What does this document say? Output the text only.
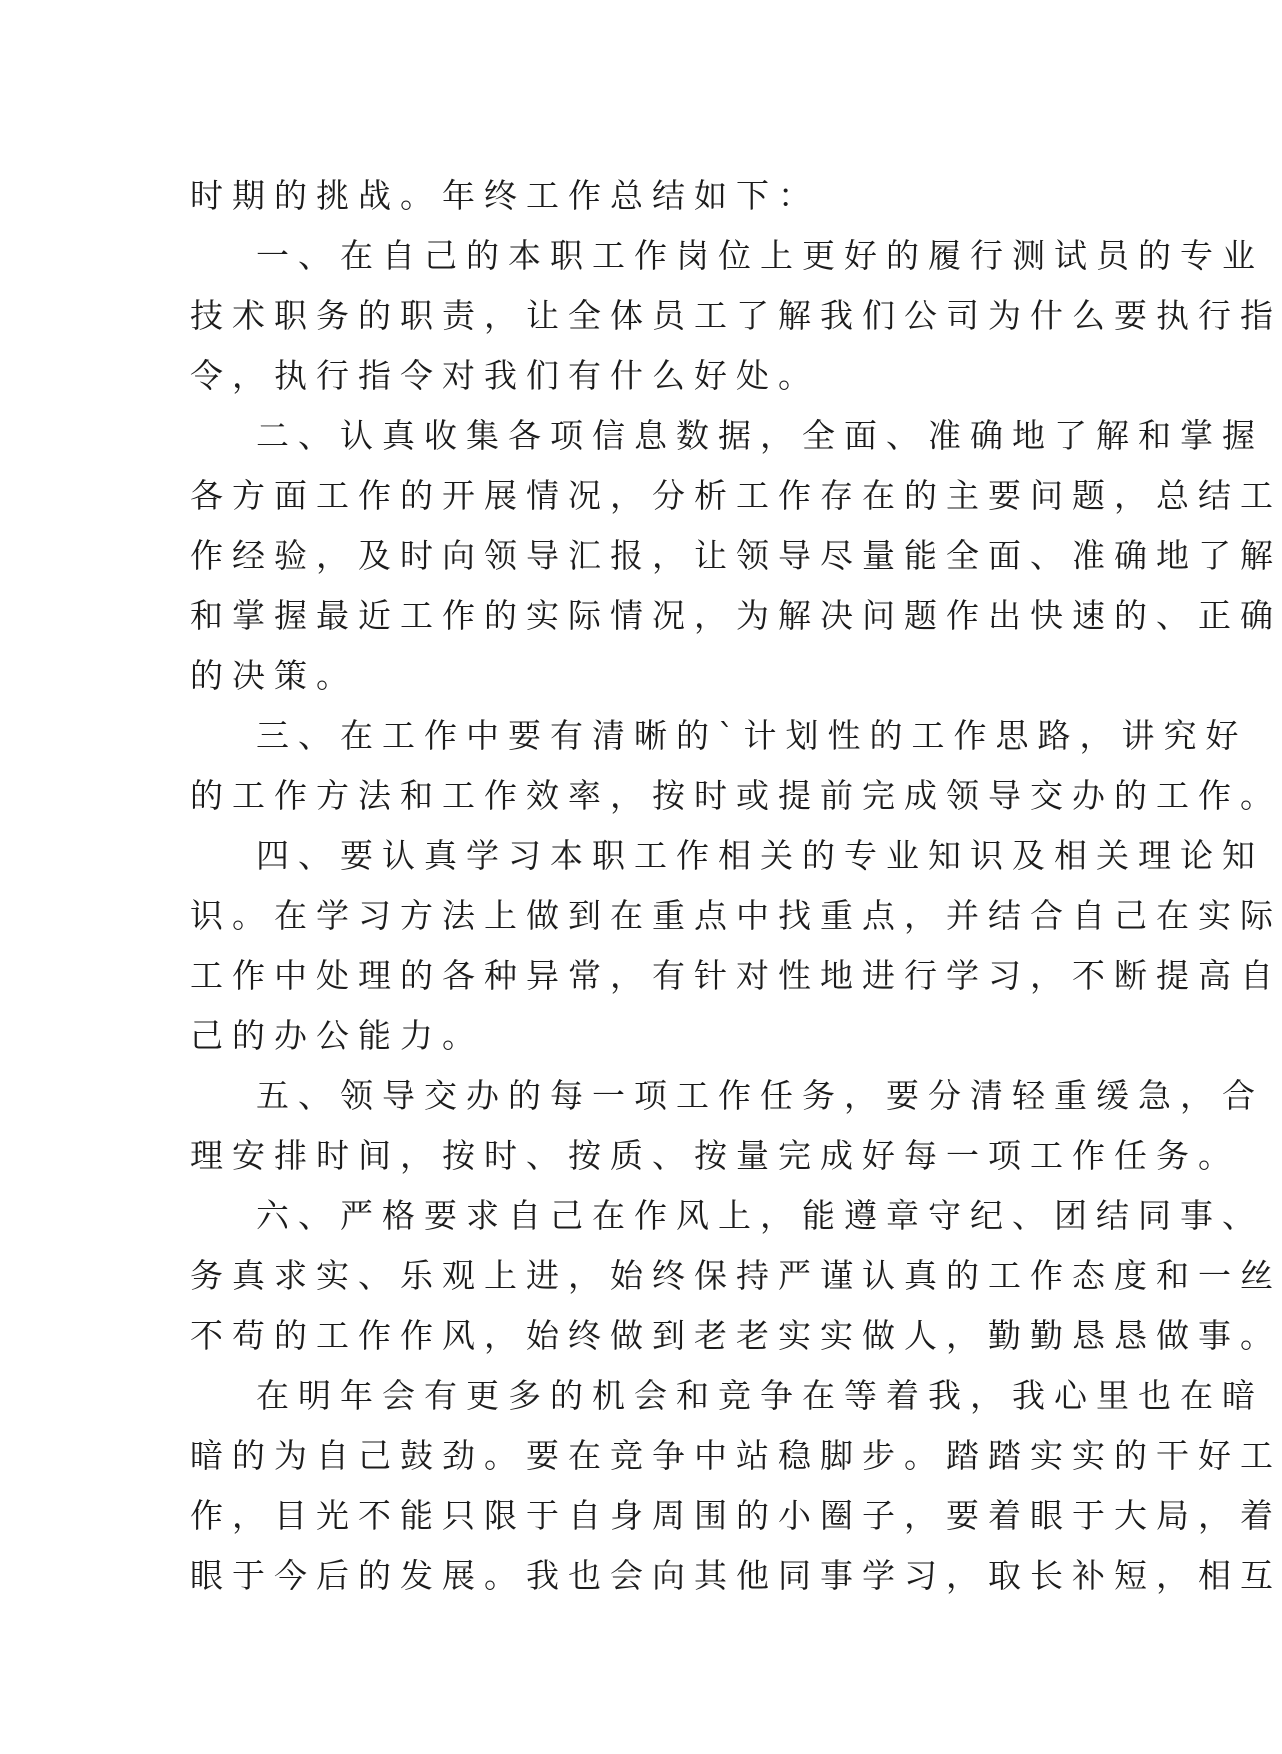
时期的挑战。年终工作总结如下：
一、在自己的本职工作岗位上更好的履行测试员的专业
技术职务的职责，让全体员工了解我们公司为什么要执行指
令，执行指令对我们有什么好处。
二、认真收集各项信息数据，全面、准确地了解和掌握
各方面工作的开展情况，分析工作存在的主要问题，总结工
作经验，及时向领导汇报，让领导尽量能全面、准确地了解
和掌握最近工作的实际情况，为解决问题作出快速的、正确
的决策。
三、在工作中要有清晰的`计划性的工作思路，讲究好
的工作方法和工作效率，按时或提前完成领导交办的工作。
四、要认真学习本职工作相关的专业知识及相关理论知
识。在学习方法上做到在重点中找重点，并结合自己在实际
工作中处理的各种异常，有针对性地进行学习，不断提高自
己的办公能力。
五、领导交办的每一项工作任务，要分清轻重缓急，合
理安排时间，按时、按质、按量完成好每一项工作任务。
六、严格要求自己在作风上，能遵章守纪、团结同事、
务真求实、乐观上进，始终保持严谨认真的工作态度和一丝
不苟的工作作风，始终做到老老实实做人，勤勤恳恳做事。
在明年会有更多的机会和竞争在等着我，我心里也在暗
暗的为自己鼓劲。要在竞争中站稳脚步。踏踏实实的干好工
作，目光不能只限于自身周围的小圈子，要着眼于大局，着
眼于今后的发展。我也会向其他同事学习，取长补短，相互
